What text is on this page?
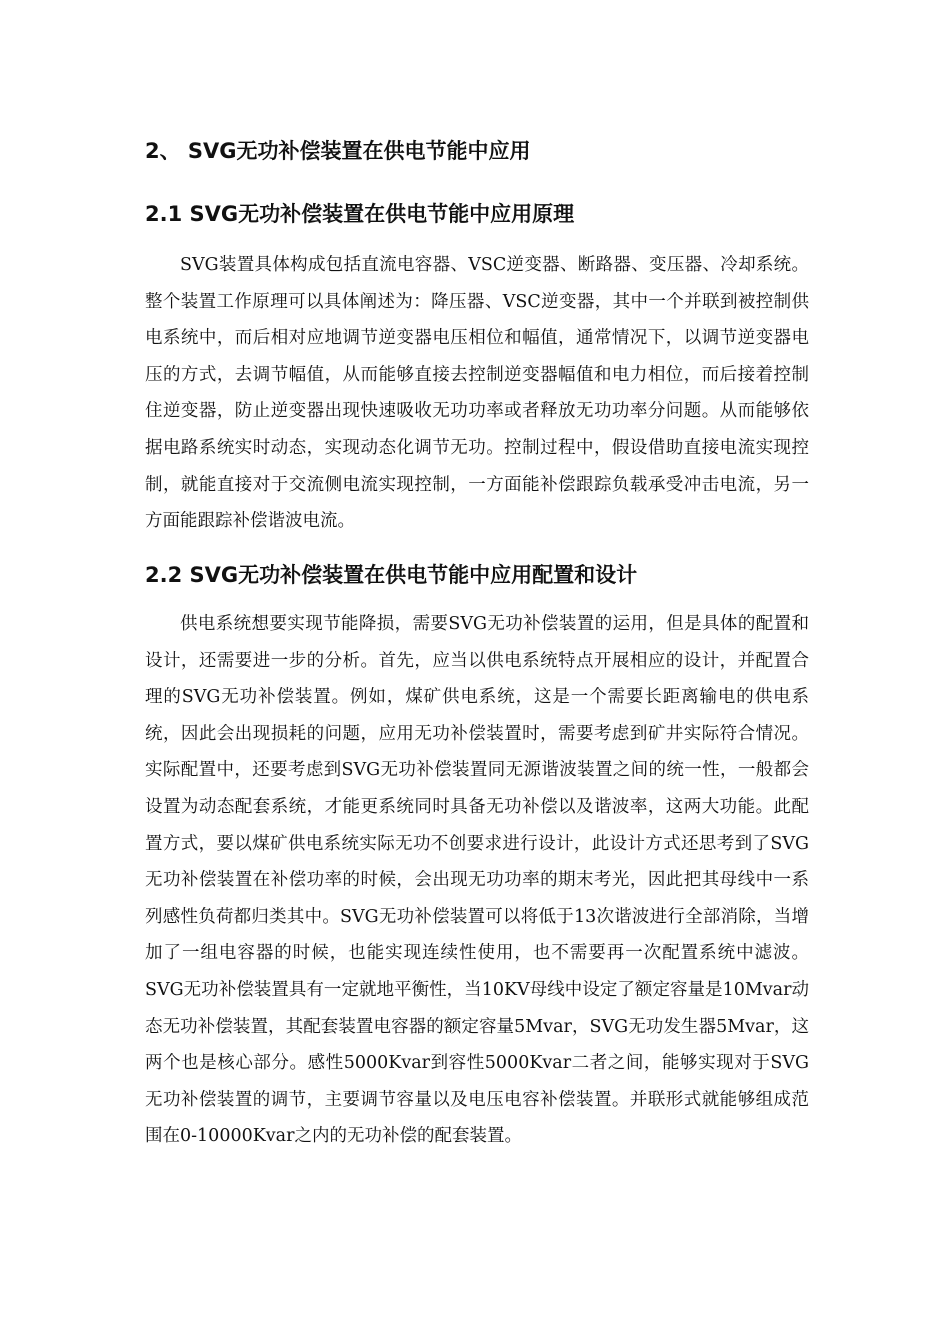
2、 SVG无功补偿装置在供电节能中应用
2.1 SVG无功补偿装置在供电节能中应用原理

SVG装置具体构成包括直流电容器、VSC逆变器、断路器、变压器、冷却系统。整个装置工作原理可以具体阐述为：降压器、VSC逆变器，其中一个并联到被控制供电系统中，而后相对应地调节逆变器电压相位和幅值，通常情况下，以调节逆变器电压的方式，去调节幅值，从而能够直接去控制逆变器幅值和电力相位，而后接着控制住逆变器，防止逆变器出现快速吸收无功功率或者释放无功功率分问题。从而能够依据电路系统实时动态，实现动态化调节无功。控制过程中，假设借助直接电流实现控制，就能直接对于交流侧电流实现控制，一方面能补偿跟踪负载承受冲击电流，另一方面能跟踪补偿谐波电流。

2.2 SVG无功补偿装置在供电节能中应用配置和设计

供电系统想要实现节能降损，需要SVG无功补偿装置的运用，但是具体的配置和设计，还需要进一步的分析。首先，应当以供电系统特点开展相应的设计，并配置合理的SVG无功补偿装置。例如，煤矿供电系统，这是一个需要长距离输电的供电系统，因此会出现损耗的问题，应用无功补偿装置时，需要考虑到矿井实际符合情况。实际配置中，还要考虑到SVG无功补偿装置同无源谐波装置之间的统一性，一般都会设置为动态配套系统，才能更系统同时具备无功补偿以及谐波率，这两大功能。此配置方式，要以煤矿供电系统实际无功不创要求进行设计，此设计方式还思考到了SVG无功补偿装置在补偿功率的时候，会出现无功功率的期末考光，因此把其母线中一系列感性负荷都归类其中。SVG无功补偿装置可以将低于13次谐波进行全部消除，当增加了一组电容器的时候，也能实现连续性使用，也不需要再一次配置系统中滤波。SVG无功补偿装置具有一定就地平衡性，当10KV母线中设定了额定容量是10Mvar动态无功补偿装置，其配套装置电容器的额定容量5Mvar，SVG无功发生器5Mvar，这两个也是核心部分。感性5000Kvar到容性5000Kvar二者之间，能够实现对于SVG无功补偿装置的调节，主要调节容量以及电压电容补偿装置。并联形式就能够组成范围在0-10000Kvar之内的无功补偿的配套装置。
